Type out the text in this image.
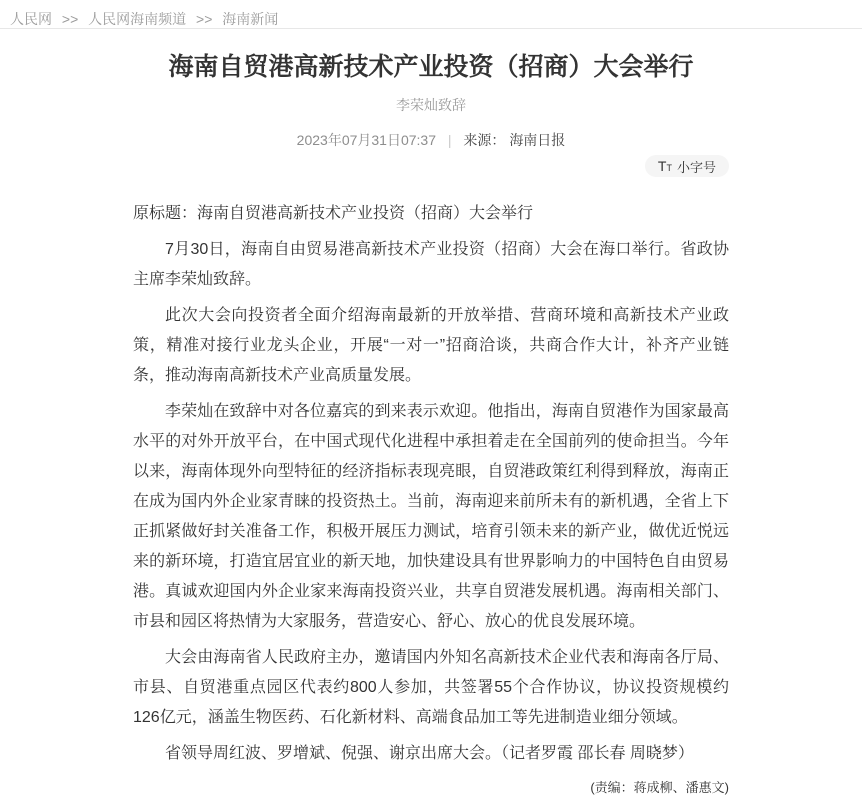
人民网 >> 人民网海南频道 >> 海南新闻
海南自贸港高新技术产业投资（招商）大会举行
李荣灿致辞
2023年07月31日07:37 | 来源： 海南日报
T T 小字号

原标题：海南自贸港高新技术产业投资（招商）大会举行

7月30日，海南自由贸易港高新技术产业投资（招商）大会在海口举行。省政协主席李荣灿致辞。

此次大会向投资者全面介绍海南最新的开放举措、营商环境和高新技术产业政策，精准对接行业龙头企业，开展“一对一”招商洽谈，共商合作大计，补齐产业链条，推动海南高新技术产业高质量发展。

李荣灿在致辞中对各位嘉宾的到来表示欢迎。他指出，海南自贸港作为国家最高水平的对外开放平台，在中国式现代化进程中承担着走在全国前列的使命担当。今年以来，海南体现外向型特征的经济指标表现亮眼，自贸港政策红利得到释放，海南正在成为国内外企业家青睐的投资热土。当前，海南迎来前所未有的新机遇，全省上下正抓紧做好封关准备工作，积极开展压力测试，培育引领未来的新产业，做优近悦远来的新环境，打造宜居宜业的新天地，加快建设具有世界影响力的中国特色自由贸易港。真诚欢迎国内外企业家来海南投资兴业，共享自贸港发展机遇。海南相关部门、市县和园区将热情为大家服务，营造安心、舒心、放心的优良发展环境。

大会由海南省人民政府主办，邀请国内外知名高新技术企业代表和海南各厅局、市县、自贸港重点园区代表约800人参加，共签署55个合作协议，协议投资规模约126亿元，涵盖生物医药、石化新材料、高端食品加工等先进制造业细分领域。

省领导周红波、罗增斌、倪强、谢京出席大会。（记者罗霞 邵长春 周晓梦）

(责编：蒋成柳、潘惠文)
